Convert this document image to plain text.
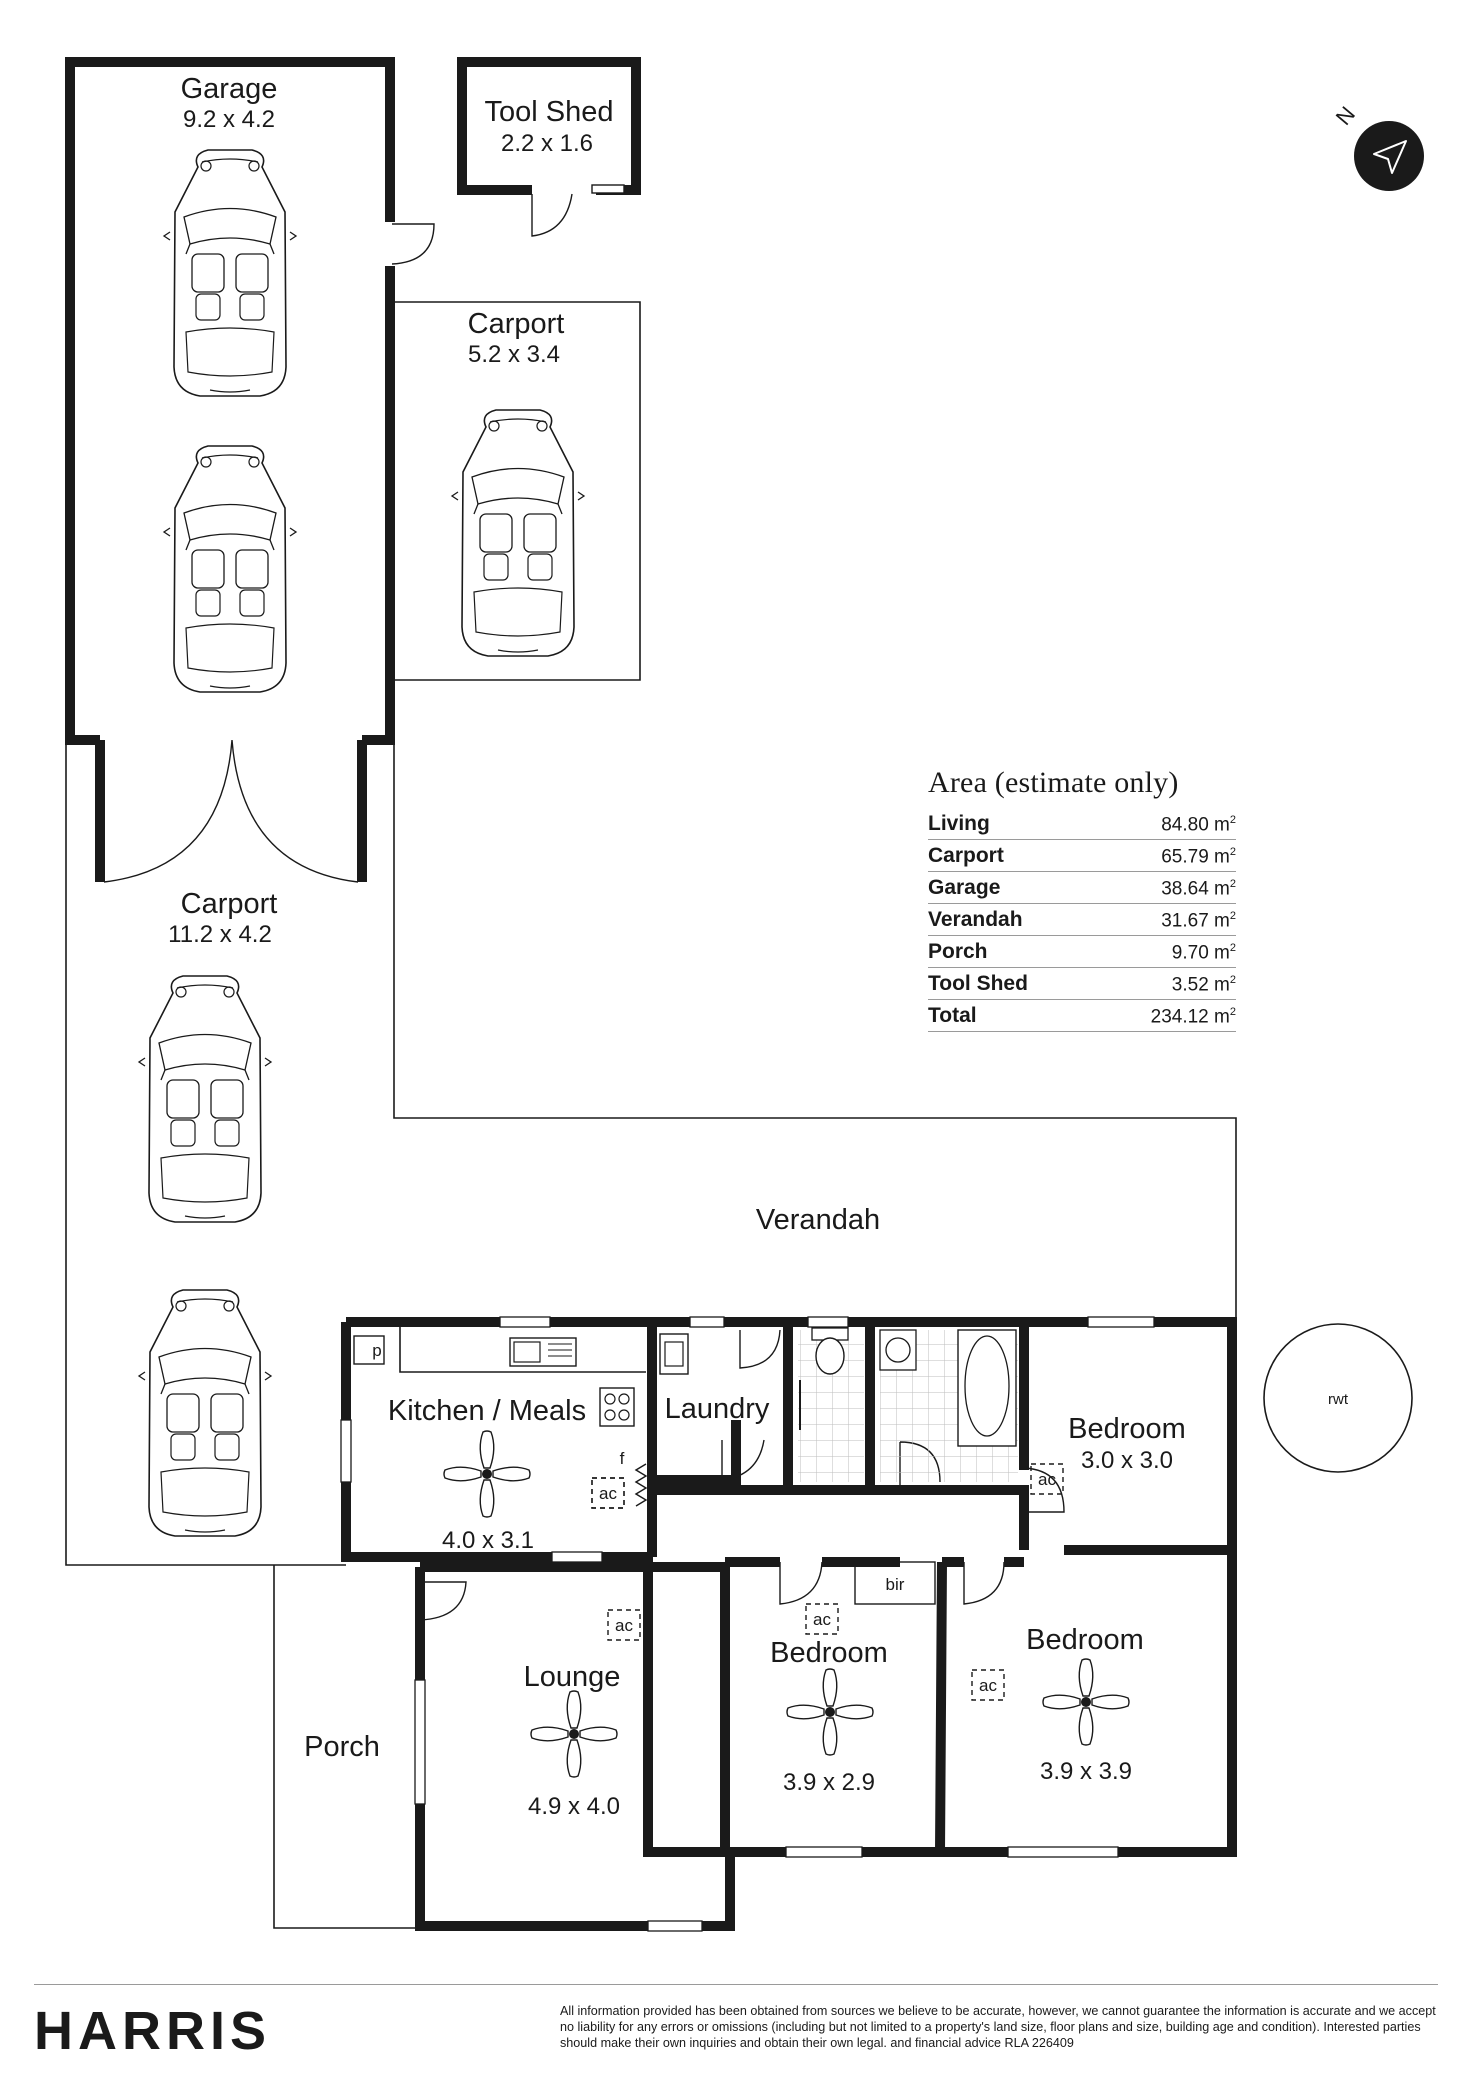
bir
p
f
ac
ac
ac	ac
ac
rwt
N
Garage
9.2 x 4.2	Tool Shed
2.2 x 1.6
Carport
5.2 x 3.4
Carport
11.2 x 4.2
Verandah
Kitchen / Meals
4.0 x 3.1
Laundry
Bedroom
3.0 x 3.0
Bedroom
3.9 x 2.9
Bedroom
3.9 x 3.9
Lounge
4.9 x 4.0
Porch
Area (estimate only)
Living	84.80 $m^2$
Carport	65.79 $m^2$
Garage	38.64 $m^2$
Verandah	31.67 $m^2$
Porch	9.70 $m^2$
Tool Shed	3.52 $m^2$
Total	234.12 $m^2$
HARRIS	All information provided has been obtained from sources we believe to be accurate, however, we cannot guarantee the information is accurate and we accept no liability for any errors or omissions (including but not limited to a property's land size, floor plans and size, building age and condition). Interested parties should make their own inquiries and obtain their own legal. and financial advice RLA 226409
